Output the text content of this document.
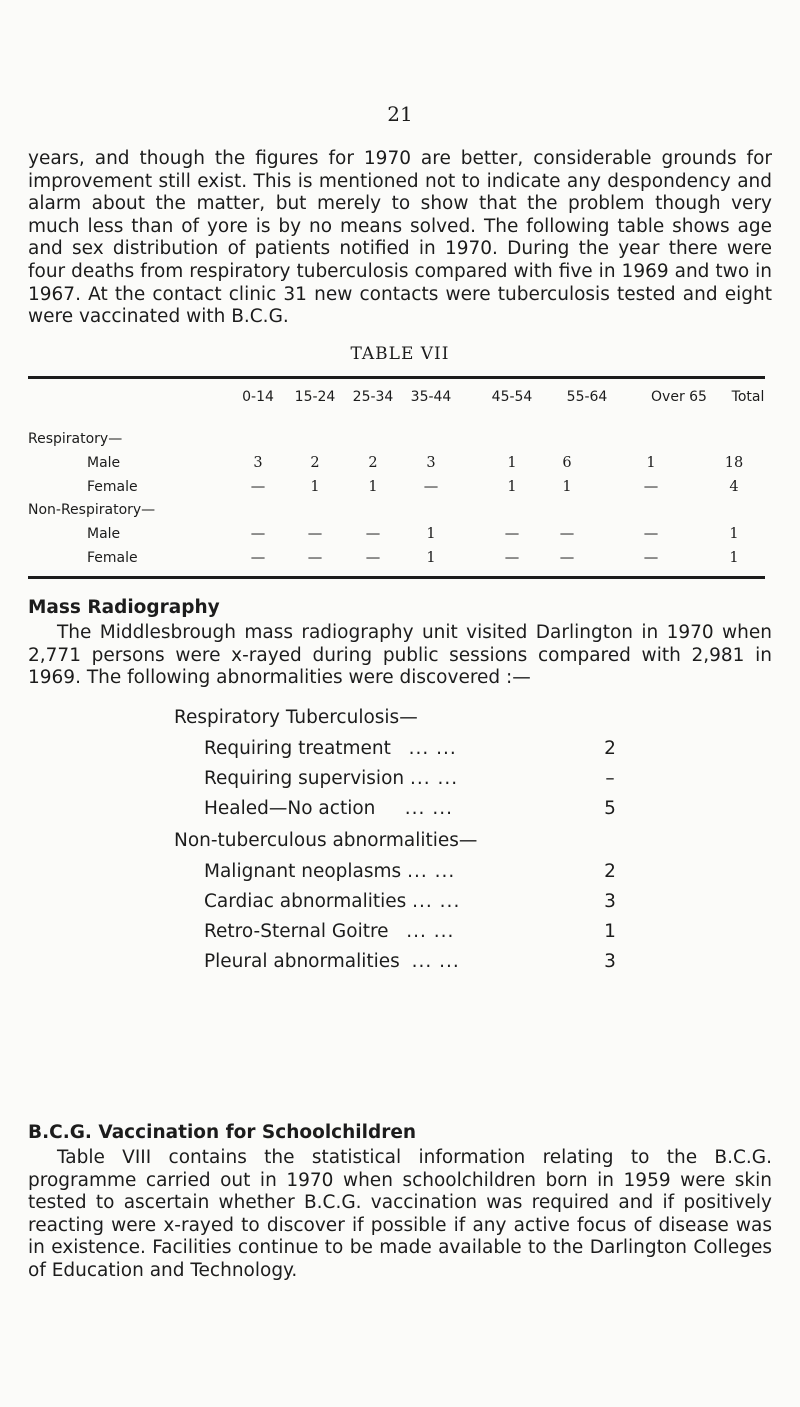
21

years, and though the figures for 1970 are better, considerable grounds for improvement still exist. This is mentioned not to indicate any despondency and alarm about the matter, but merely to show that the problem though very much less than of yore is by no means solved. The following table shows age and sex distribution of patients notified in 1970. During the year there were four deaths from respiratory tuberculosis compared with five in 1969 and two in 1967. At the contact clinic 31 new contacts were tuberculosis tested and eight were vaccinated with B.C.G.

TABLE VII
0-14 15-24 25-34 35-44	45-54 55-64	Over 65 Total
Respiratory—
Male	3	2	2	3	1	6	1	18
Female	—	1	1	—	1	1	—	4
Non-Respiratory—
Male	—	—	—	1	—	—	—	1
Female	—	—	—	1	—	—	—	1

Mass Radiography

The Middlesbrough mass radiography unit visited Darlington in 1970 when 2,771 persons were x-rayed during public sessions compared with 2,981 in 1969. The following abnormalities were discovered :—

Respiratory Tuberculosis—
Requiring treatment ... ...	2
Requiring supervision ... ...	–
Healed—No action ... ...	5
Non-tuberculous abnormalities—
Malignant neoplasms ... ...	2
Cardiac abnormalities ... ...	3
Retro-Sternal Goitre ... ...	1
Pleural abnormalities ... ...	3

B.C.G. Vaccination for Schoolchildren

Table VIII contains the statistical information relating to the B.C.G. programme carried out in 1970 when schoolchildren born in 1959 were skin tested to ascertain whether B.C.G. vaccination was required and if positively reacting were x-rayed to discover if possible if any active focus of disease was in existence. Facilities continue to be made available to the Darlington Colleges of Education and Technology.
